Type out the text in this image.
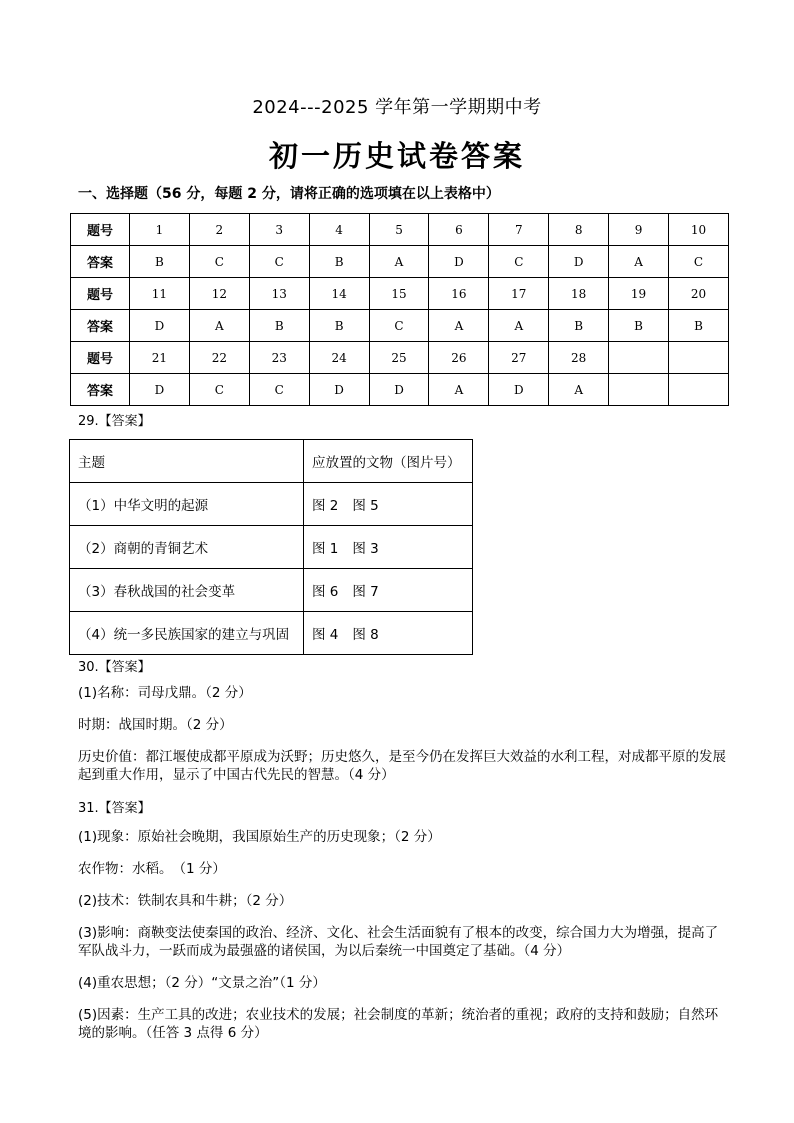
2024---2025 学年第一学期期中考
初一历史试卷答案
一、选择题（56 分，每题 2 分，请将正确的选项填在以上表格中）
题号	1	2	3	4	5	6	7	8	9	10
答案	B	C	C	B	A	D	C	D	A	C
题号	11	12	13	14	15	16	17	18	19	20
答案	D	A	B	B	C	A	A	B	B	B
题号	21	22	23	24	25	26	27	28		
答案	D	C	C	D	D	A	D	A		
29.【答案】
主题	应放置的文物（图片号）
（1）中华文明的起源	图 2 图 5
（2）商朝的青铜艺术	图 1 图 3
（3）春秋战国的社会变革	图 6 图 7
（4）统一多民族国家的建立与巩固	图 4 图 8
30.【答案】
(1)名称：司母戊鼎。（2 分）
时期：战国时期。（2 分）
历史价值：都江堰使成都平原成为沃野；历史悠久，是至今仍在发挥巨大效益的水利工程，对成都平原的发展起到重大作用，显示了中国古代先民的智慧。（4 分）
31.【答案】
(1)现象：原始社会晚期，我国原始生产的历史现象；（2 分）
农作物：水稻。　（1 分）
(2)技术：铁制农具和牛耕；（2 分）
(3)影响：商鞅变法使秦国的政治、经济、文化、社会生活面貌有了根本的改变，综合国力大为增强，提高了军队战斗力，一跃而成为最强盛的诸侯国，为以后秦统一中国奠定了基础。（4 分）
(4)重农思想；（2 分）“文景之治”（1 分）
(5)因素：生产工具的改进；农业技术的发展；社会制度的革新；统治者的重视；政府的支持和鼓励；自然环境的影响。（任答 3 点得 6 分）
